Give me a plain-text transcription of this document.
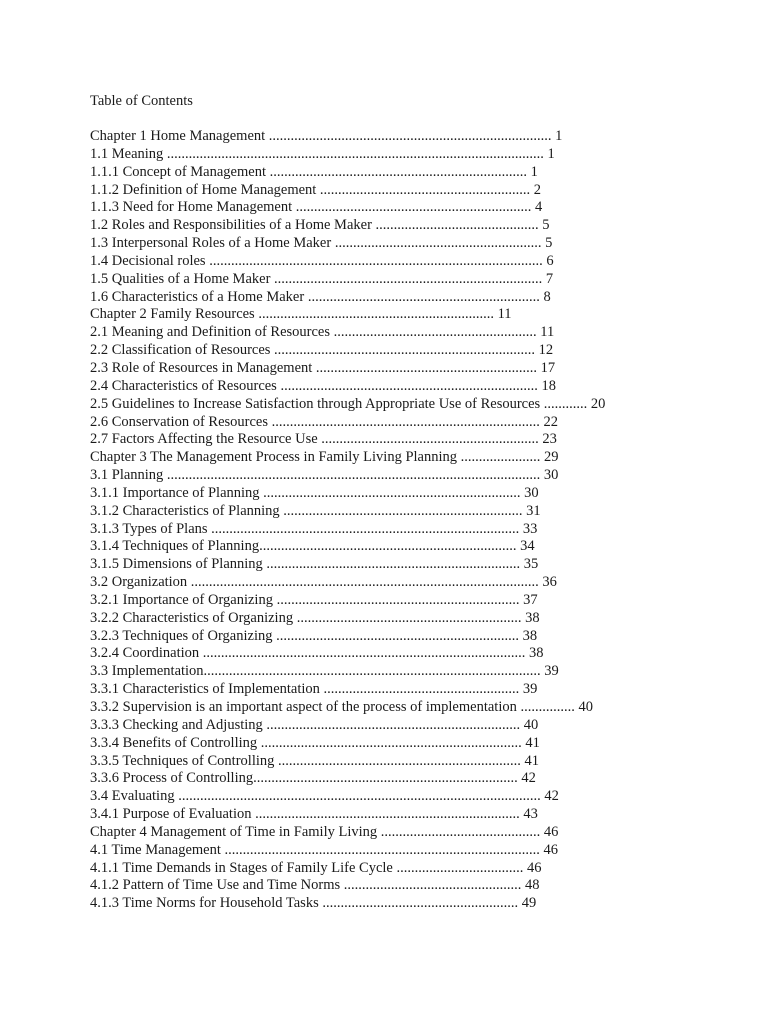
Table of Contents
Chapter 1 Home Management .............................................................................. 1
1.1 Meaning ........................................................................................................ 1
1.1.1 Concept of Management ....................................................................... 1
1.1.2 Definition of Home Management .......................................................... 2
1.1.3 Need for Home Management ................................................................. 4
1.2 Roles and Responsibilities of a Home Maker ............................................. 5
1.3 Interpersonal Roles of a Home Maker ......................................................... 5
1.4 Decisional roles ............................................................................................ 6
1.5 Qualities of a Home Maker .......................................................................... 7
1.6 Characteristics of a Home Maker ................................................................ 8
Chapter 2 Family Resources ................................................................. 11
2.1 Meaning and Definition of Resources ........................................................ 11
2.2 Classification of Resources ........................................................................ 12
2.3 Role of Resources in Management ............................................................. 17
2.4 Characteristics of Resources ....................................................................... 18
2.5 Guidelines to Increase Satisfaction through Appropriate Use of Resources ............ 20
2.6 Conservation of Resources .......................................................................... 22
2.7 Factors Affecting the Resource Use ............................................................ 23
Chapter 3 The Management Process in Family Living Planning ...................... 29
3.1 Planning ....................................................................................................... 30
3.1.1 Importance of Planning ....................................................................... 30
3.1.2 Characteristics of Planning .................................................................. 31
3.1.3 Types of Plans ..................................................................................... 33
3.1.4 Techniques of Planning....................................................................... 34
3.1.5 Dimensions of Planning ...................................................................... 35
3.2 Organization ................................................................................................ 36
3.2.1 Importance of Organizing ................................................................... 37
3.2.2 Characteristics of Organizing .............................................................. 38
3.2.3 Techniques of Organizing ................................................................... 38
3.2.4 Coordination ......................................................................................... 38
3.3 Implementation............................................................................................. 39
3.3.1 Characteristics of Implementation ...................................................... 39
3.3.2 Supervision is an important aspect of the process of implementation ............... 40
3.3.3 Checking and Adjusting ...................................................................... 40
3.3.4 Benefits of Controlling ........................................................................ 41
3.3.5 Techniques of Controlling ................................................................... 41
3.3.6 Process of Controlling......................................................................... 42
3.4 Evaluating .................................................................................................... 42
3.4.1 Purpose of Evaluation ......................................................................... 43
Chapter 4 Management of Time in Family Living ............................................ 46
4.1 Time Management ....................................................................................... 46
4.1.1 Time Demands in Stages of Family Life Cycle ................................... 46
4.1.2 Pattern of Time Use and Time Norms ................................................. 48
4.1.3 Time Norms for Household Tasks ...................................................... 49
